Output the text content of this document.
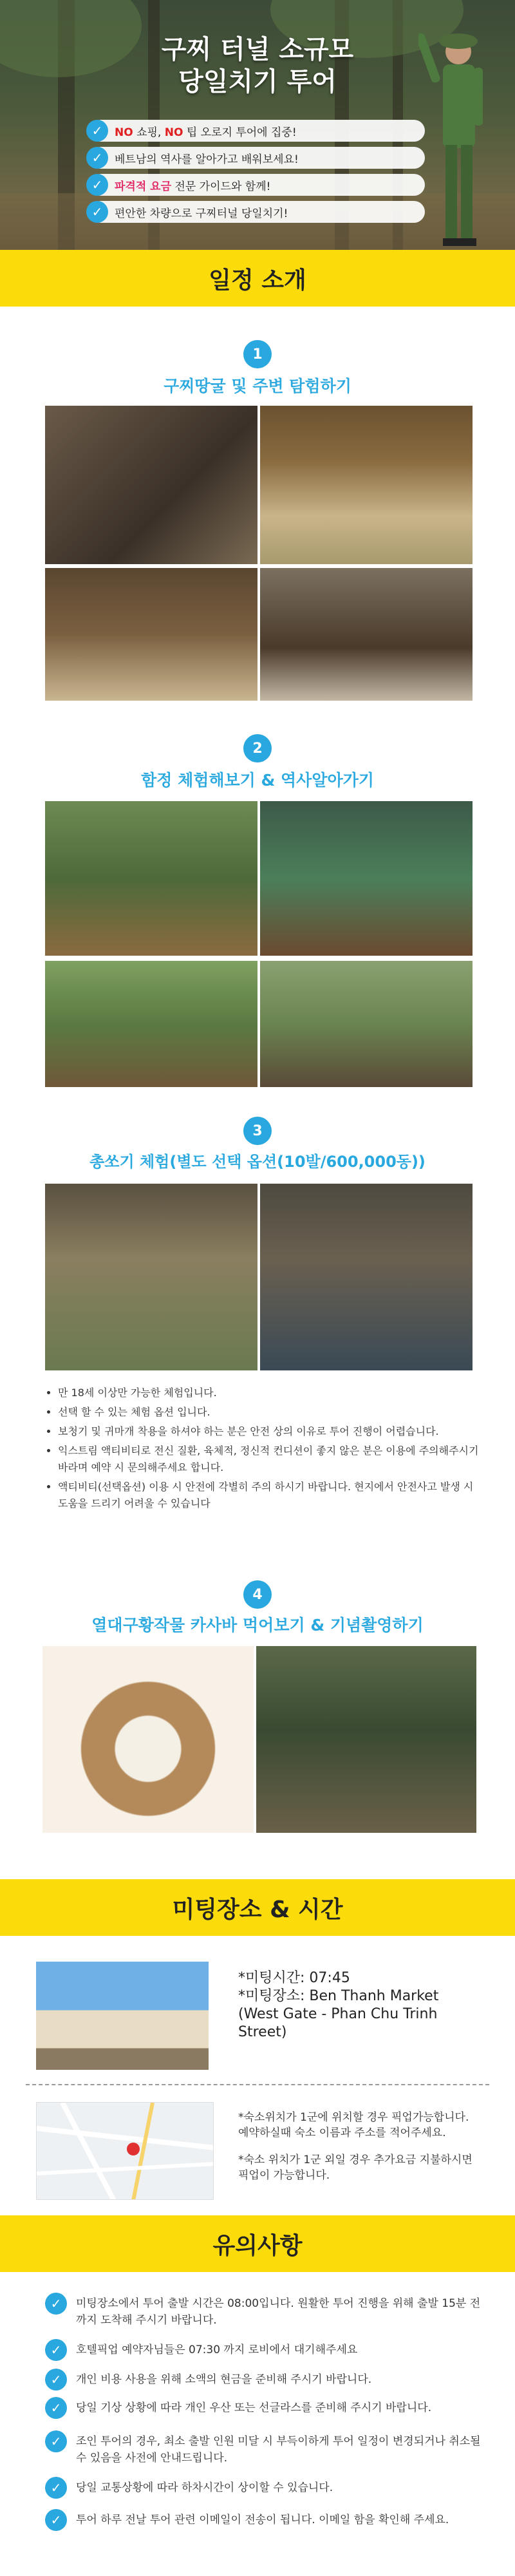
구찌 터널 소규모
당일치기 투어
✓	NO 쇼핑, NO 팁 오로지 투어에 집중!
✓	베트남의 역사를 알아가고 배워보세요!
✓	파격적 요금 전문 가이드와 함께!
✓	편안한 차량으로 구찌터널 당일치기!
일정 소개
1
구찌땅굴 및 주변 탐험하기
2
함정 체험해보기 & 역사알아가기
3
총쏘기 체험(별도 선택 옵션(10발/600,000동))
• 만 18세 이상만 가능한 체험입니다.
• 선택 할 수 있는 체험 옵션 입니다.
• 보청기 및 귀마개 착용을 하셔야 하는 분은 안전 상의 이유로 투어 진행이 어렵습니다.
• 익스트림 액티비티로 전신 질환, 육체적, 정신적 컨디션이 좋지 않은 분은 이용에 주의해주시기 바라며 예약 시 문의해주세요 합니다.
• 액티비티(선택옵션) 이용 시 안전에 각별히 주의 하시기 바랍니다. 현지에서 안전사고 발생 시 도움을 드리기 어려울 수 있습니다
4
열대구황작물 카사바 먹어보기 & 기념촬영하기
미팅장소 & 시간
*미팅시간: 07:45
*미팅장소: Ben Thanh Market
(West Gate - Phan Chu Trinh
Street)
*숙소위치가 1군에 위치할 경우 픽업가능합니다. 예약하실때 숙소 이름과 주소를 적어주세요.
*숙소 위치가 1군 외일 경우 추가요금 지불하시면 픽업이 가능합니다.
유의사항
✓	미팅장소에서 투어 출발 시간은 08:00입니다. 원활한 투어 진행을 위해 출발 15분 전까지 도착해 주시기 바랍니다.
✓	호텔픽업 예약자님들은 07:30 까지 로비에서 대기해주세요
✓	개인 비용 사용을 위해 소액의 현금을 준비해 주시기 바랍니다.
✓	당일 기상 상황에 따라 개인 우산 또는 선글라스를 준비해 주시기 바랍니다.
✓	조인 투어의 경우, 최소 출발 인원 미달 시 부득이하게 투어 일정이 변경되거나 취소될 수 있음을 사전에 안내드립니다.
✓	당일 교통상황에 따라 하차시간이 상이할 수 있습니다.
✓	투어 하루 전날 투어 관련 이메일이 전송이 됩니다. 이메일 함을 확인해 주세요.
